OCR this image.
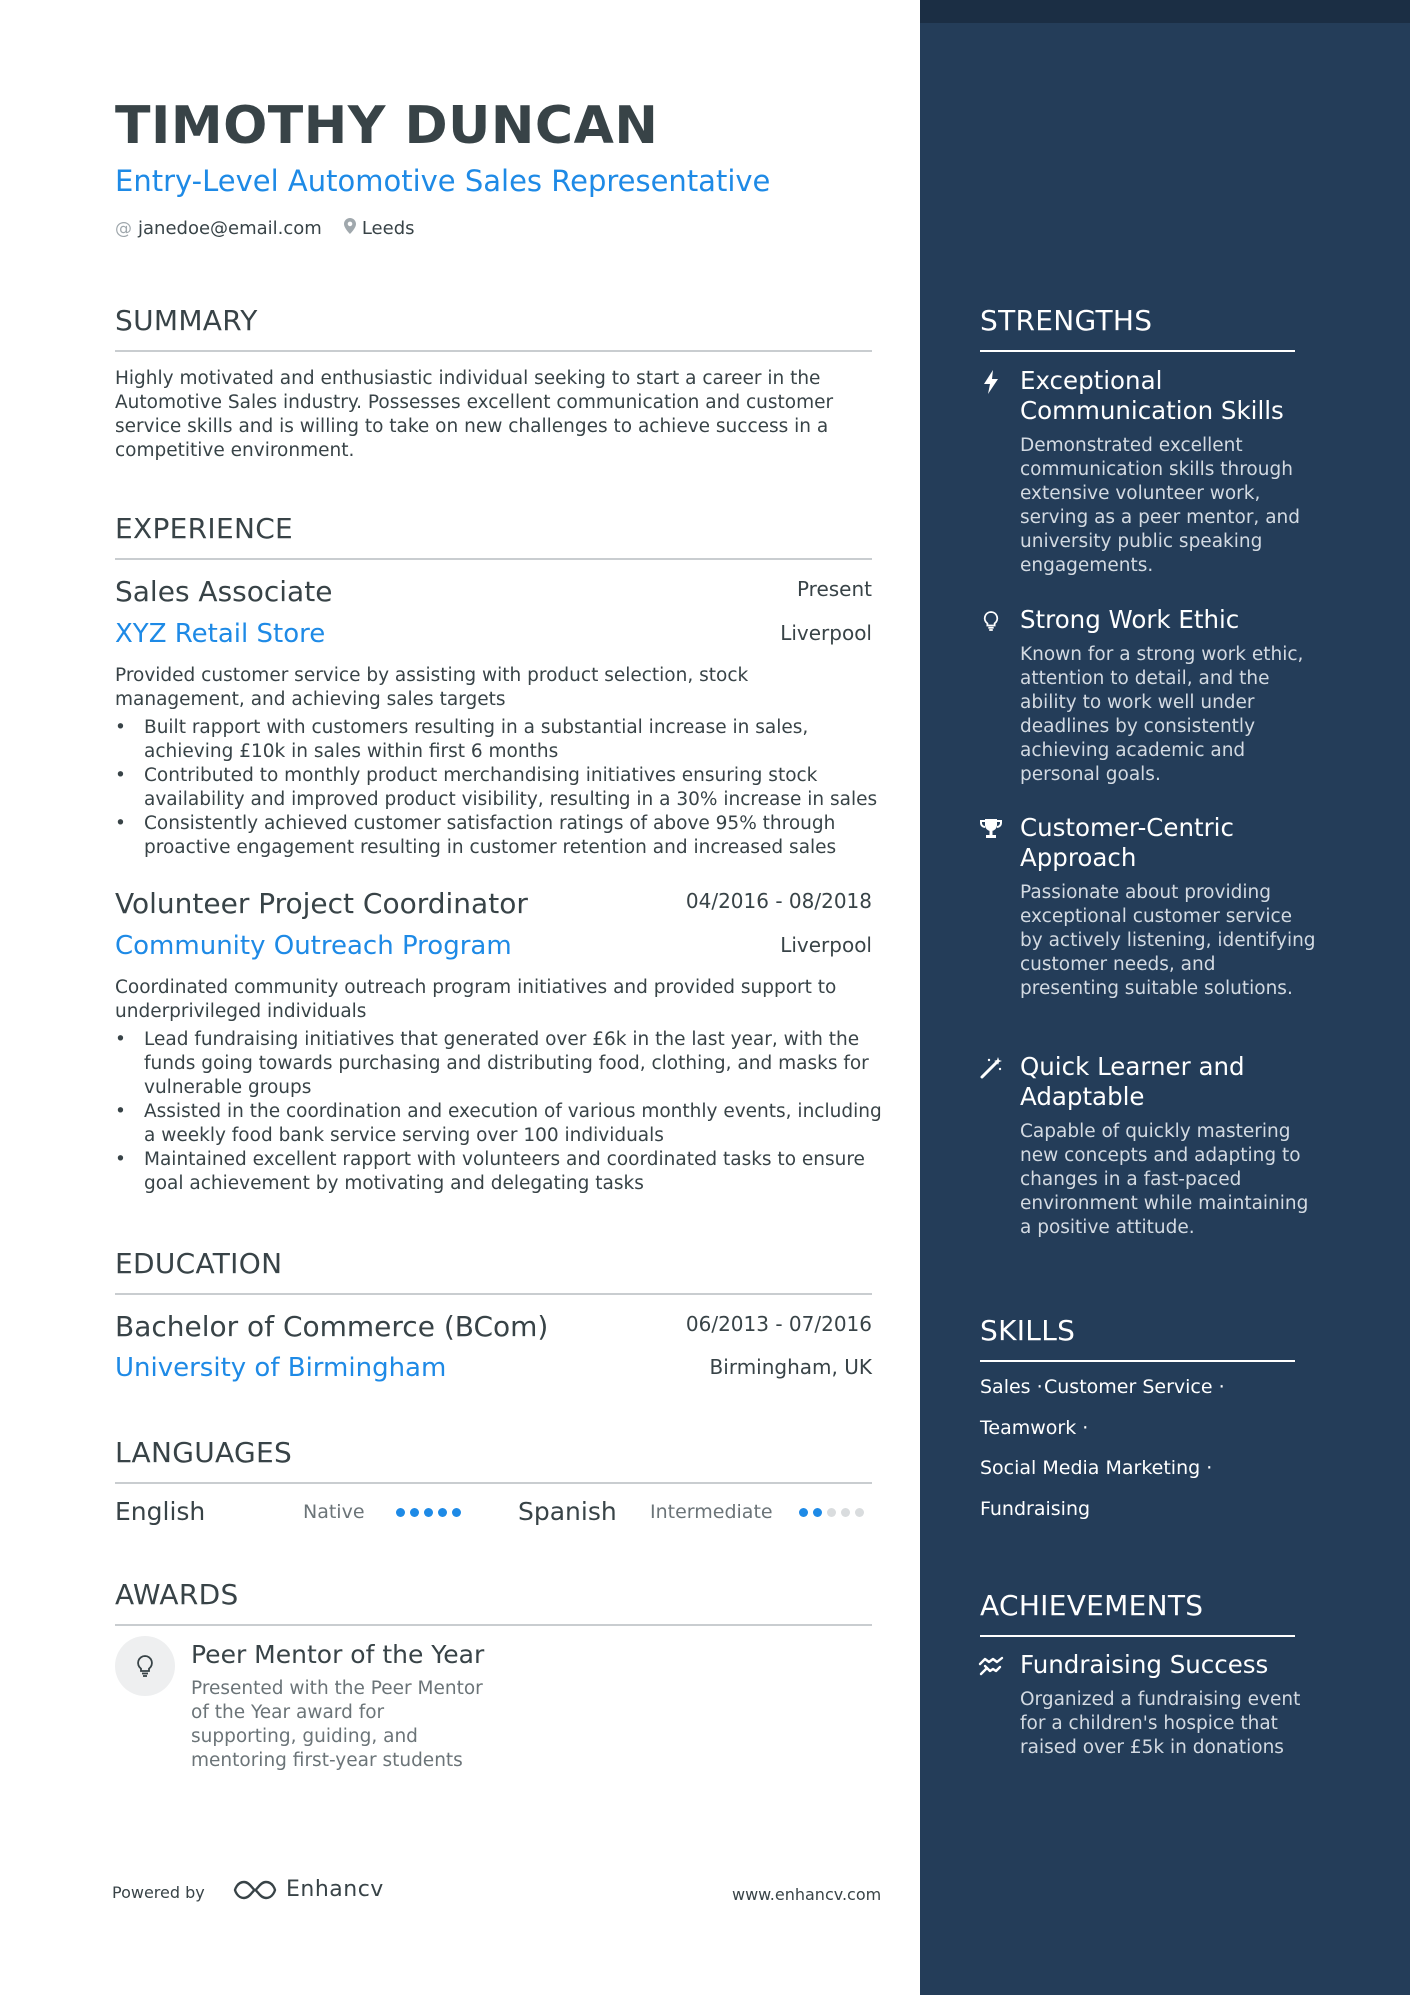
TIMOTHY DUNCAN
Entry-Level Automotive Sales Representative
@ janedoe@email.com Leeds
SUMMARY
Highly motivated and enthusiastic individual seeking to start a career in the Automotive Sales industry. Possesses excellent communication and customer service skills and is willing to take on new challenges to achieve success in a competitive environment.
EXPERIENCE
Sales Associate	Present
XYZ Retail Store	Liverpool
Provided customer service by assisting with product selection, stock management, and achieving sales targets
• Built rapport with customers resulting in a substantial increase in sales, achieving £10k in sales within first 6 months
• Contributed to monthly product merchandising initiatives ensuring stock availability and improved product visibility, resulting in a 30% increase in sales
• Consistently achieved customer satisfaction ratings of above 95% through proactive engagement resulting in customer retention and increased sales
Volunteer Project Coordinator	04/2016 - 08/2018
Community Outreach Program	Liverpool
Coordinated community outreach program initiatives and provided support to underprivileged individuals
• Lead fundraising initiatives that generated over £6k in the last year, with the funds going towards purchasing and distributing food, clothing, and masks for vulnerable groups
• Assisted in the coordination and execution of various monthly events, including a weekly food bank service serving over 100 individuals
• Maintained excellent rapport with volunteers and coordinated tasks to ensure goal achievement by motivating and delegating tasks
EDUCATION
Bachelor of Commerce (BCom)	06/2013 - 07/2016
University of Birmingham	Birmingham, UK
LANGUAGES
English	Native	Spanish Intermediate
AWARDS
Peer Mentor of the Year
Presented with the Peer Mentor of the Year award for supporting, guiding, and mentoring first-year students
Powered by	Enhancv	www.enhancv.com
STRENGTHS
Exceptional Communication Skills
Demonstrated excellent communication skills through extensive volunteer work, serving as a peer mentor, and university public speaking engagements.
Strong Work Ethic
Known for a strong work ethic, attention to detail, and the ability to work well under deadlines by consistently achieving academic and personal goals.
Customer-Centric Approach
Passionate about providing exceptional customer service by actively listening, identifying customer needs, and presenting suitable solutions.
Quick Learner and Adaptable
Capable of quickly mastering new concepts and adapting to changes in a fast-paced environment while maintaining a positive attitude.
SKILLS
Sales · Customer Service ·
Teamwork ·
Social Media Marketing ·
Fundraising
ACHIEVEMENTS
Fundraising Success
Organized a fundraising event for a children's hospice that raised over £5k in donations
